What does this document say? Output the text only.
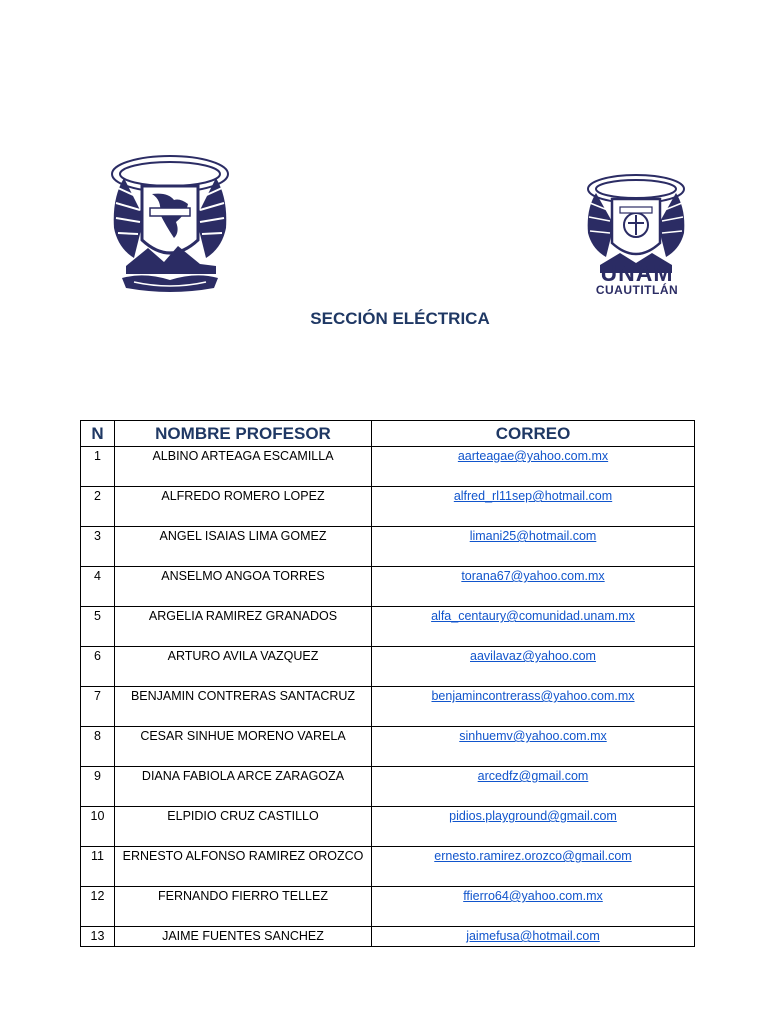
UNAM
CUAUTITLÁN
SECCIÓN ELÉCTRICA
N	NOMBRE PROFESOR	CORREO
1	ALBINO ARTEAGA ESCAMILLA	aarteagae@yahoo.com.mx
2	ALFREDO ROMERO LOPEZ	alfred_rl11sep@hotmail.com
3	ANGEL ISAIAS LIMA GOMEZ	limani25@hotmail.com
4	ANSELMO ANGOA TORRES	torana67@yahoo.com.mx
5	ARGELIA RAMIREZ GRANADOS	alfa_centaury@comunidad.unam.mx
6	ARTURO AVILA VAZQUEZ	aavilavaz@yahoo.com
7	BENJAMIN CONTRERAS SANTACRUZ	benjamincontrerass@yahoo.com.mx
8	CESAR SINHUE MORENO VARELA	sinhuemv@yahoo.com.mx
9	DIANA FABIOLA ARCE ZARAGOZA	arcedfz@gmail.com
10	ELPIDIO CRUZ CASTILLO	pidios.playground@gmail.com
11	ERNESTO ALFONSO RAMIREZ OROZCO	ernesto.ramirez.orozco@gmail.com
12	FERNANDO FIERRO TELLEZ	ffierro64@yahoo.com.mx
13	JAIME FUENTES SANCHEZ	jaimefusa@hotmail.com
